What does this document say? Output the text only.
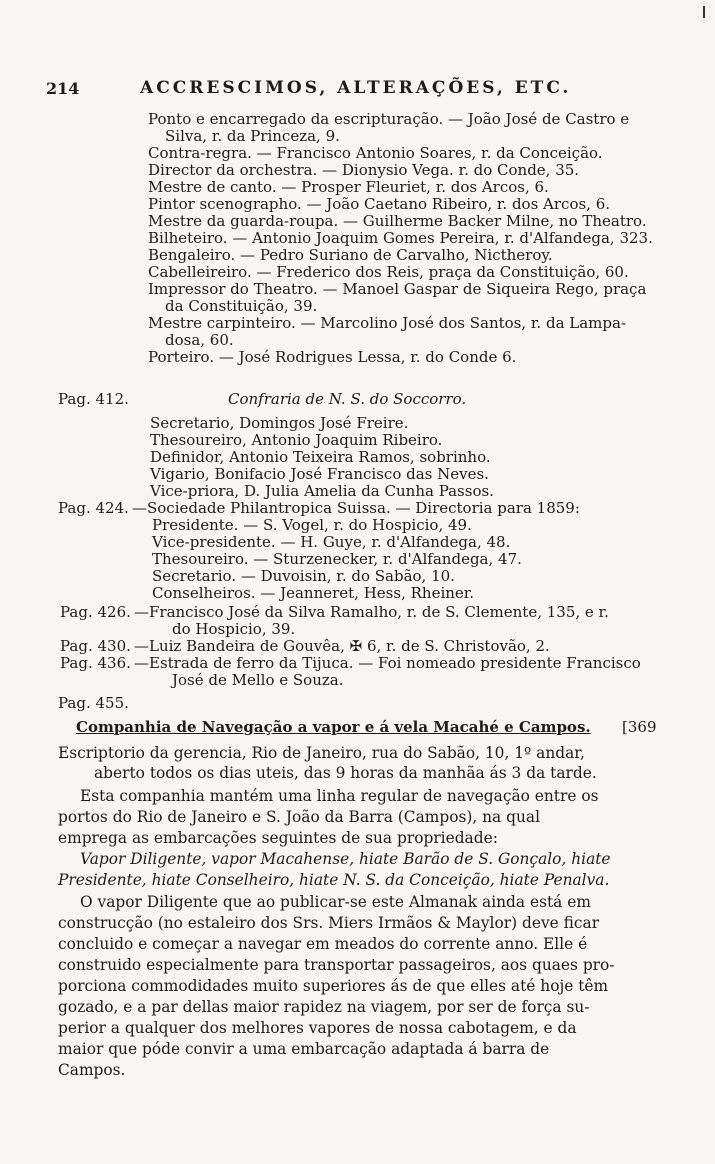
214	ACCRESCIMOS, ALTERAÇÕES, ETC.
Ponto e encarregado da escripturação. — João José de Castro e
Silva, r. da Princeza, 9.
Contra-regra. — Francisco Antonio Soares, r. da Conceição.
Director da orchestra. — Dionysio Vega. r. do Conde, 35.
Mestre de canto. — Prosper Fleuriet, r. dos Arcos, 6.
Pintor scenographo. — João Caetano Ribeiro, r. dos Arcos, 6.
Mestre da guarda-roupa. — Guilherme Backer Milne, no Theatro.
Bilheteiro. — Antonio Joaquim Gomes Pereira, r. d'Alfandega, 323.
Bengaleiro. — Pedro Suriano de Carvalho, Nictheroy.
Cabelleireiro. — Frederico dos Reis, praça da Constituição, 60.
Impressor do Theatro. — Manoel Gaspar de Siqueira Rego, praça
da Constituição, 39.
Mestre carpinteiro. — Marcolino José dos Santos, r. da Lampa-
dosa, 60.
Porteiro. — José Rodrigues Lessa, r. do Conde 6.
Pag. 412.	Confraria de N. S. do Soccorro.
Secretario, Domingos José Freire.
Thesoureiro, Antonio Joaquim Ribeiro.
Definidor, Antonio Teixeira Ramos, sobrinho.
Vigario, Bonifacio José Francisco das Neves.
Vice-priora, D. Julia Amelia da Cunha Passos.
Pag. 424. —Sociedade Philantropica Suissa. — Directoria para 1859:
Presidente. — S. Vogel, r. do Hospicio, 49.
Vice-presidente. — H. Guye, r. d'Alfandega, 48.
Thesoureiro. — Sturzenecker, r. d'Alfandega, 47.
Secretario. — Duvoisin, r. do Sabão, 10.
Conselheiros. — Jeanneret, Hess, Rheiner.
Pag. 426. —Francisco José da Silva Ramalho, r. de S. Clemente, 135, e r.
do Hospicio, 39.
Pag. 430. —Luiz Bandeira de Gouvêa, ✠ 6, r. de S. Christovão, 2.
Pag. 436. —Estrada de ferro da Tijuca. — Foi nomeado presidente Francisco
José de Mello e Souza.
Pag. 455.
Companhia de Navegação a vapor e á vela Macahé e Campos. [369
Escriptorio da gerencia, Rio de Janeiro, rua do Sabão, 10, 1º andar,
aberto todos os dias uteis, das 9 horas da manhãa ás 3 da tarde.
Esta companhia mantém uma linha regular de navegação entre os
portos do Rio de Janeiro e S. João da Barra (Campos), na qual
emprega as embarcações seguintes de sua propriedade:
Vapor Diligente, vapor Macahense, hiate Barão de S. Gonçalo, hiate
Presidente, hiate Conselheiro, hiate N. S. da Conceição, hiate Penalva.
O vapor Diligente que ao publicar-se este Almanak ainda está em
construcção (no estaleiro dos Srs. Miers Irmãos & Maylor) deve ficar
concluido e começar a navegar em meados do corrente anno. Elle é
construido especialmente para transportar passageiros, aos quaes pro-
porciona commodidades muito superiores ás de que elles até hoje têm
gozado, e a par dellas maior rapidez na viagem, por ser de força su-
perior a qualquer dos melhores vapores de nossa cabotagem, e da
maior que póde convir a uma embarcação adaptada á barra de
Campos.
